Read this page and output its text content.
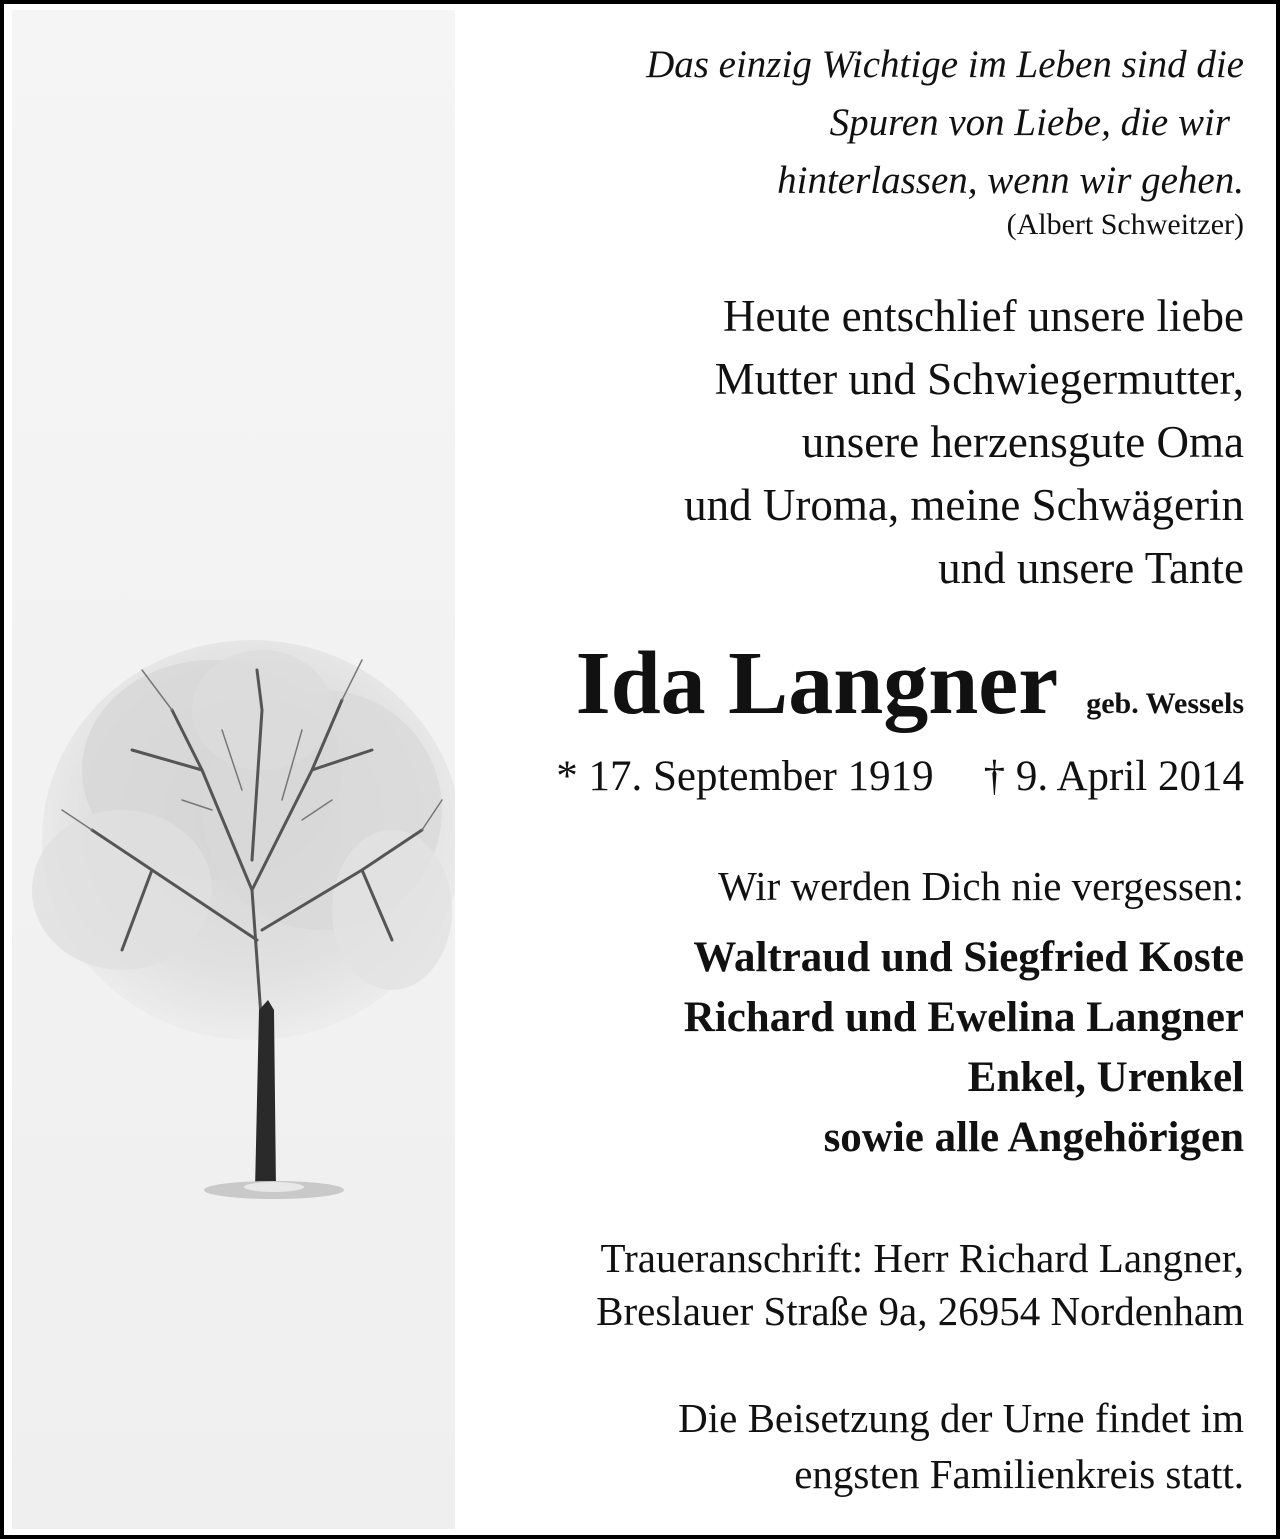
Das einzig Wichtige im Leben sind die
Spuren von Liebe, die wir
hinterlassen, wenn wir gehen.
(Albert Schweitzer)
Heute entschlief unsere liebe
Mutter und Schwiegermutter,
unsere herzensgute Oma
und Uroma, meine Schwägerin
und unsere Tante
Ida Langner geb. Wessels
* 17. September 1919 † 9. April 2014
Wir werden Dich nie vergessen:
Waltraud und Siegfried Koste
Richard und Ewelina Langner
Enkel, Urenkel
sowie alle Angehörigen
Traueranschrift: Herr Richard Langner,
Breslauer Straße 9a, 26954 Nordenham
Die Beisetzung der Urne findet im
engsten Familienkreis statt.
